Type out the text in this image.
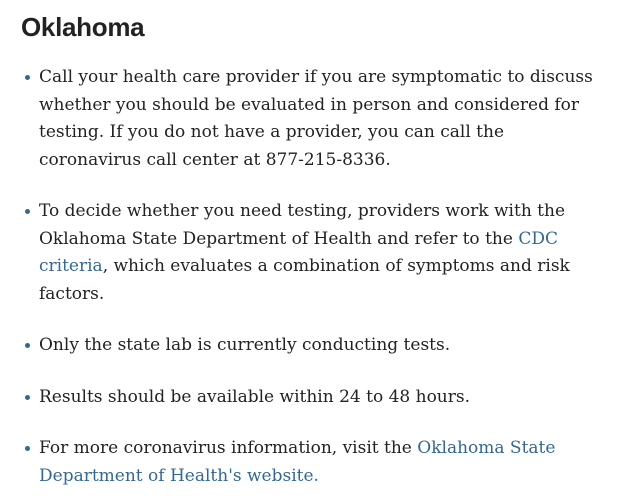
Oklahoma
Call your health care provider if you are symptomatic to discuss whether you should be evaluated in person and considered for testing. If you do not have a provider, you can call the coronavirus call center at 877-215-8336.
To decide whether you need testing, providers work with the Oklahoma State Department of Health and refer to the CDC criteria, which evaluates a combination of symptoms and risk factors.
Only the state lab is currently conducting tests.
Results should be available within 24 to 48 hours.
For more coronavirus information, visit the Oklahoma State Department of Health's website.
